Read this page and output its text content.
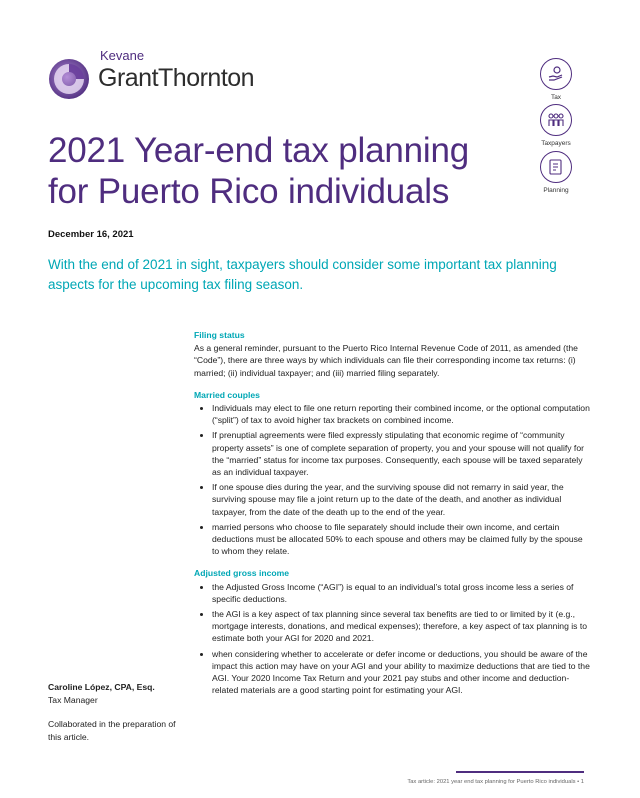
Kevane
GrantThornton
Tax
Taxpayers
Planning
2021 Year-end tax planning
for Puerto Rico individuals
December 16, 2021
With the end of 2021 in sight, taxpayers should consider some important tax planning aspects for the upcoming tax filing season.
Filing status

As a general reminder, pursuant to the Puerto Rico Internal Revenue Code of 2011, as amended (the “Code”), there are three ways by which individuals can file their corresponding income tax returns: (i) married; (ii) individual taxpayer; and (iii) married filing separately.

Married couples
• Individuals may elect to file one return reporting their combined income, or the optional computation (“split”) of tax to avoid higher tax brackets on combined income.
• If prenuptial agreements were filed expressly stipulating that economic regime of “community property assets” is one of complete separation of property, you and your spouse will not qualify for the “married” status for income tax purposes. Consequently, each spouse will be taxed separately as an individual taxpayer.
• If one spouse dies during the year, and the surviving spouse did not remarry in said year, the surviving spouse may file a joint return up to the date of the death, and another as individual taxpayer, from the date of the death up to the end of the year.
• married persons who choose to file separately should include their own income, and certain deductions must be allocated 50% to each spouse and others may be claimed fully by the spouse to whom they relate.
Adjusted gross income
• the Adjusted Gross Income (“AGI”) is equal to an individual’s total gross income less a series of specific deductions.
• the AGI is a key aspect of tax planning since several tax benefits are tied to or limited by it (e.g., mortgage interests, donations, and medical expenses); therefore, a key aspect of tax planning is to estimate both your AGI for 2020 and 2021.
• when considering whether to accelerate or defer income or deductions, you should be aware of the impact this action may have on your AGI and your ability to maximize deductions that are tied to the AGI. Your 2020 Income Tax Return and your 2021 pay stubs and other income and deduction-related materials are a good starting point for estimating your AGI.
Caroline López, CPA, Esq.
Tax Manager
Collaborated in the preparation of this article.
Tax article: 2021 year end tax planning for Puerto Rico individuals • 1
